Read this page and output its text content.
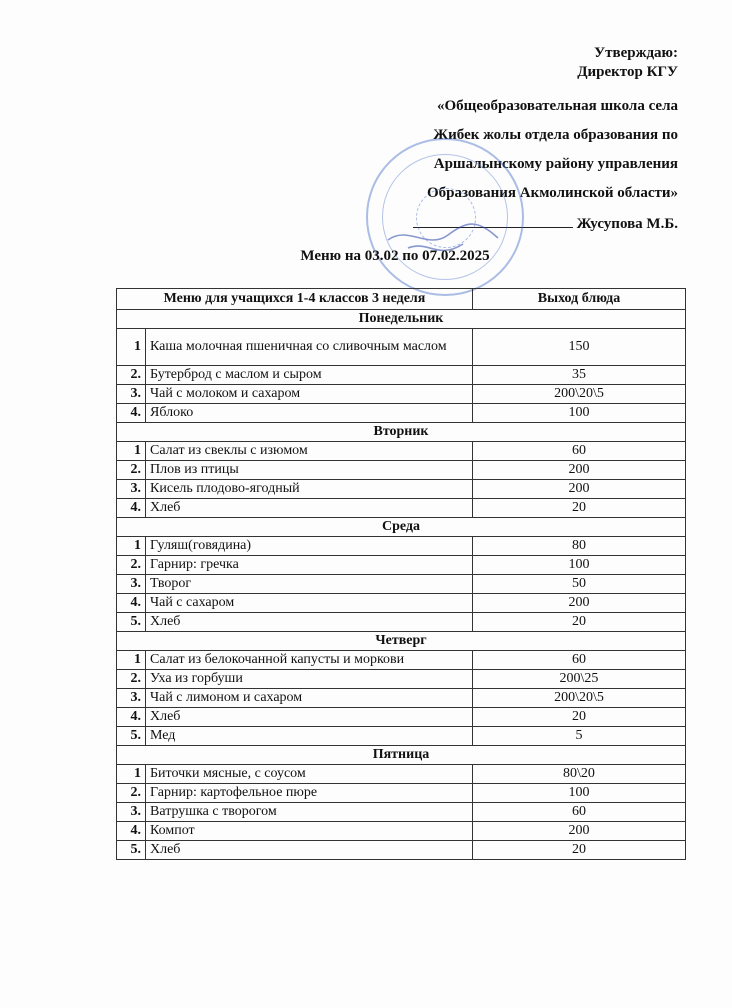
Утверждаю:
Директор КГУ
«Общеобразовательная школа села
Жибек жолы отдела образования по
Аршалынскому району управления
Образования Акмолинской области»
Жусупова М.Б.
Меню на 03.02 по 07.02.2025
Меню для учащихся 1-4 классов 3 неделя		Выход блюда
Понедельник		
1	Каша молочная пшеничная со сливочным маслом	150
2.	Бутерброд с маслом и сыром	35
3.	Чай с молоком и сахаром	200\20\5
4.	Яблоко	100
Вторник		
1	Салат из свеклы с изюмом	60
2.	Плов из птицы	200
3.	Кисель плодово-ягодный	200
4.	Хлеб	20
Среда		
1	Гуляш(говядина)	80
2.	Гарнир: гречка	100
3.	Творог	50
4.	Чай с сахаром	200
5.	Хлеб	20
Четверг		
1	Салат из белокочанной капусты и моркови	60
2.	Уха из горбуши	200\25
3.	Чай с лимоном и сахаром	200\20\5
4.	Хлеб	20
5.	Мед	5
Пятница		
1	Биточки мясные, с соусом	80\20
2.	Гарнир: картофельное пюре	100
3.	Ватрушка с творогом	60
4.	Компот	200
5.	Хлеб	20
